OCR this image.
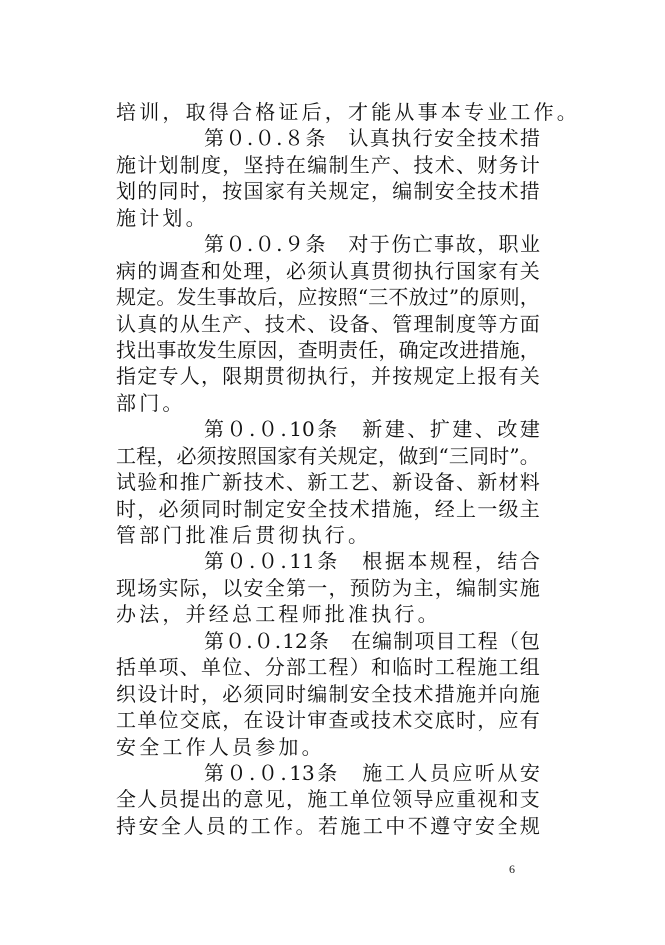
培训，取得合格证后，才能从事本专业工作。
第 ０ . ０ . ８ 条
　 认 真 执 行 安 全 技 术 措
施 计 划 制 度 ， 坚 持 在 编 制 生 产 、 技 术 、 财 务 计
划 的 同 时 ， 按 国 家 有 关 规 定 ， 编 制 安 全 技 术 措
施计划。
第 ０ . ０ . ９ 条
　 对 于 伤 亡 事 故 ， 职 业
病 的 调 查 和 处 理 ， 必 须 认 真 贯 彻 执 行 国 家 有 关
规 定 。 发 生 事 故 后 ， 应 按 照 “ 三 不 放 过 ” 的 原 则 ，
认 真 的 从 生 产 、 技 术 、 设 备 、 管 理 制 度 等 方 面
找 出 事 故 发 生 原 因 ， 查 明 责 任 ， 确 定 改 进 措 施 ，
指 定 专 人 ， 限 期 贯 彻 执 行 ， 并 按 规 定 上 报 有 关
部门。
第 ０ . ０ . 10 条
　 新 建 、 扩 建 、 改 建
工 程 ， 必 须 按 照 国 家 有 关 规 定 ， 做 到 “ 三 同 时 ” 。
试 验 和 推 广 新 技 术 、 新 工 艺 、 新 设 备 、 新 材 料
时 ， 必 须 同 时 制 定 安 全 技 术 措 施 ， 经 上 一 级 主
管部门批准后贯彻执行。
第 ０ . ０ . 11 条
　 根 据 本 规 程 ， 结 合
现 场 实 际 ， 以 安 全 第 一 ， 预 防 为 主 ， 编 制 实 施
办法，并经总工程师批准执行。
第 ０ . ０ . 12 条
　 在 编 制 项 目 工 程 （ 包
括 单 项 、 单 位 、 分 部 工 程 ） 和 临 时 工 程 施 工 组
织 设 计 时 ， 必 须 同 时 编 制 安 全 技 术 措 施 并 向 施
工 单 位 交 底 ， 在 设 计 审 查 或 技 术 交 底 时 ， 应 有
安全工作人员参加。
第 ０ . ０ . 13 条
　 施 工 人 员 应 听 从 安
全 人 员 提 出 的 意 见 ， 施 工 单 位 领 导 应 重 视 和 支
持 安 全 人 员 的 工 作 。 若 施 工 中 不 遵 守 安 全 规
6
